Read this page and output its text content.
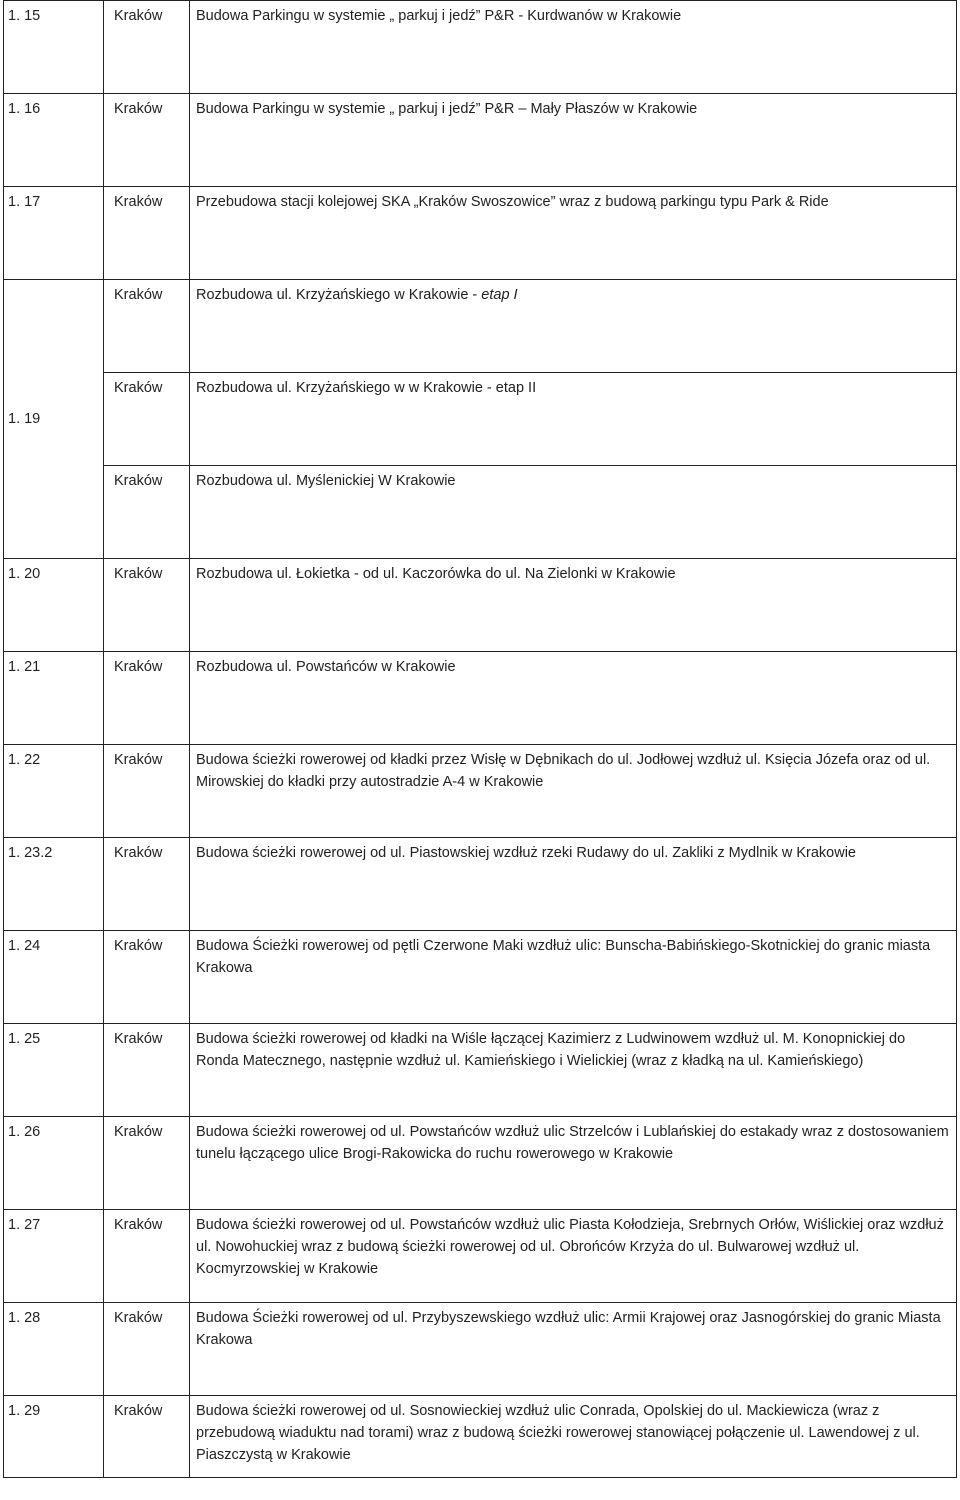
1. 15	Kraków	Budowa Parkingu w systemie „ parkuj i jedź” P&R - Kurdwanów w Krakowie
1. 16	Kraków	Budowa Parkingu w systemie „ parkuj i jedź” P&R – Mały Płaszów w Krakowie
1. 17	Kraków	Przebudowa stacji kolejowej SKA „Kraków Swoszowice” wraz z budową parkingu typu Park & Ride
1. 19	Kraków	Rozbudowa ul. Krzyżańskiego w Krakowie - etap I
	Kraków	Rozbudowa ul. Krzyżańskiego w w Krakowie - etap II
	Kraków	Rozbudowa ul. Myślenickiej W Krakowie
1. 20	Kraków	Rozbudowa ul. Łokietka - od ul. Kaczorówka do ul. Na Zielonki w Krakowie
1. 21	Kraków	Rozbudowa ul. Powstańców w Krakowie
1. 22	Kraków	Budowa ścieżki rowerowej od kładki przez Wisłę w Dębnikach do ul. Jodłowej wzdłuż ul. Księcia Józefa oraz od ul. Mirowskiej do kładki przy autostradzie A-4 w Krakowie
1. 23.2	Kraków	Budowa ścieżki rowerowej od ul. Piastowskiej wzdłuż rzeki Rudawy do ul. Zakliki z Mydlnik w Krakowie
1. 24	Kraków	Budowa Ścieżki rowerowej od pętli Czerwone Maki wzdłuż ulic: Bunscha-Babińskiego-Skotnickiej do granic miasta Krakowa
1. 25	Kraków	Budowa ścieżki rowerowej od kładki na Wiśle łączącej Kazimierz z Ludwinowem wzdłuż ul. M. Konopnickiej do Ronda Matecznego, następnie wzdłuż ul. Kamieńskiego i Wielickiej (wraz z kładką na ul. Kamieńskiego)
1. 26	Kraków	Budowa ścieżki rowerowej od ul. Powstańców wzdłuż ulic Strzelców i Lublańskiej do estakady wraz z dostosowaniem tunelu łączącego ulice Brogi-Rakowicka do ruchu rowerowego w Krakowie
1. 27	Kraków	Budowa ścieżki rowerowej od ul. Powstańców wzdłuż ulic Piasta Kołodzieja, Srebrnych Orłów, Wiślickiej oraz wzdłuż ul. Nowohuckiej wraz z budową ścieżki rowerowej od ul. Obrońców Krzyża do ul. Bulwarowej wzdłuż ul. Kocmyrzowskiej w Krakowie
1. 28	Kraków	Budowa Ścieżki rowerowej od ul. Przybyszewskiego wzdłuż ulic: Armii Krajowej oraz Jasnogórskiej do granic Miasta Krakowa
1. 29	Kraków	Budowa ścieżki rowerowej od ul. Sosnowieckiej wzdłuż ulic Conrada, Opolskiej do ul. Mackiewicza (wraz z przebudową wiaduktu nad torami) wraz z budową ścieżki rowerowej stanowiącej połączenie ul. Lawendowej z ul. Piaszczystą w Krakowie
